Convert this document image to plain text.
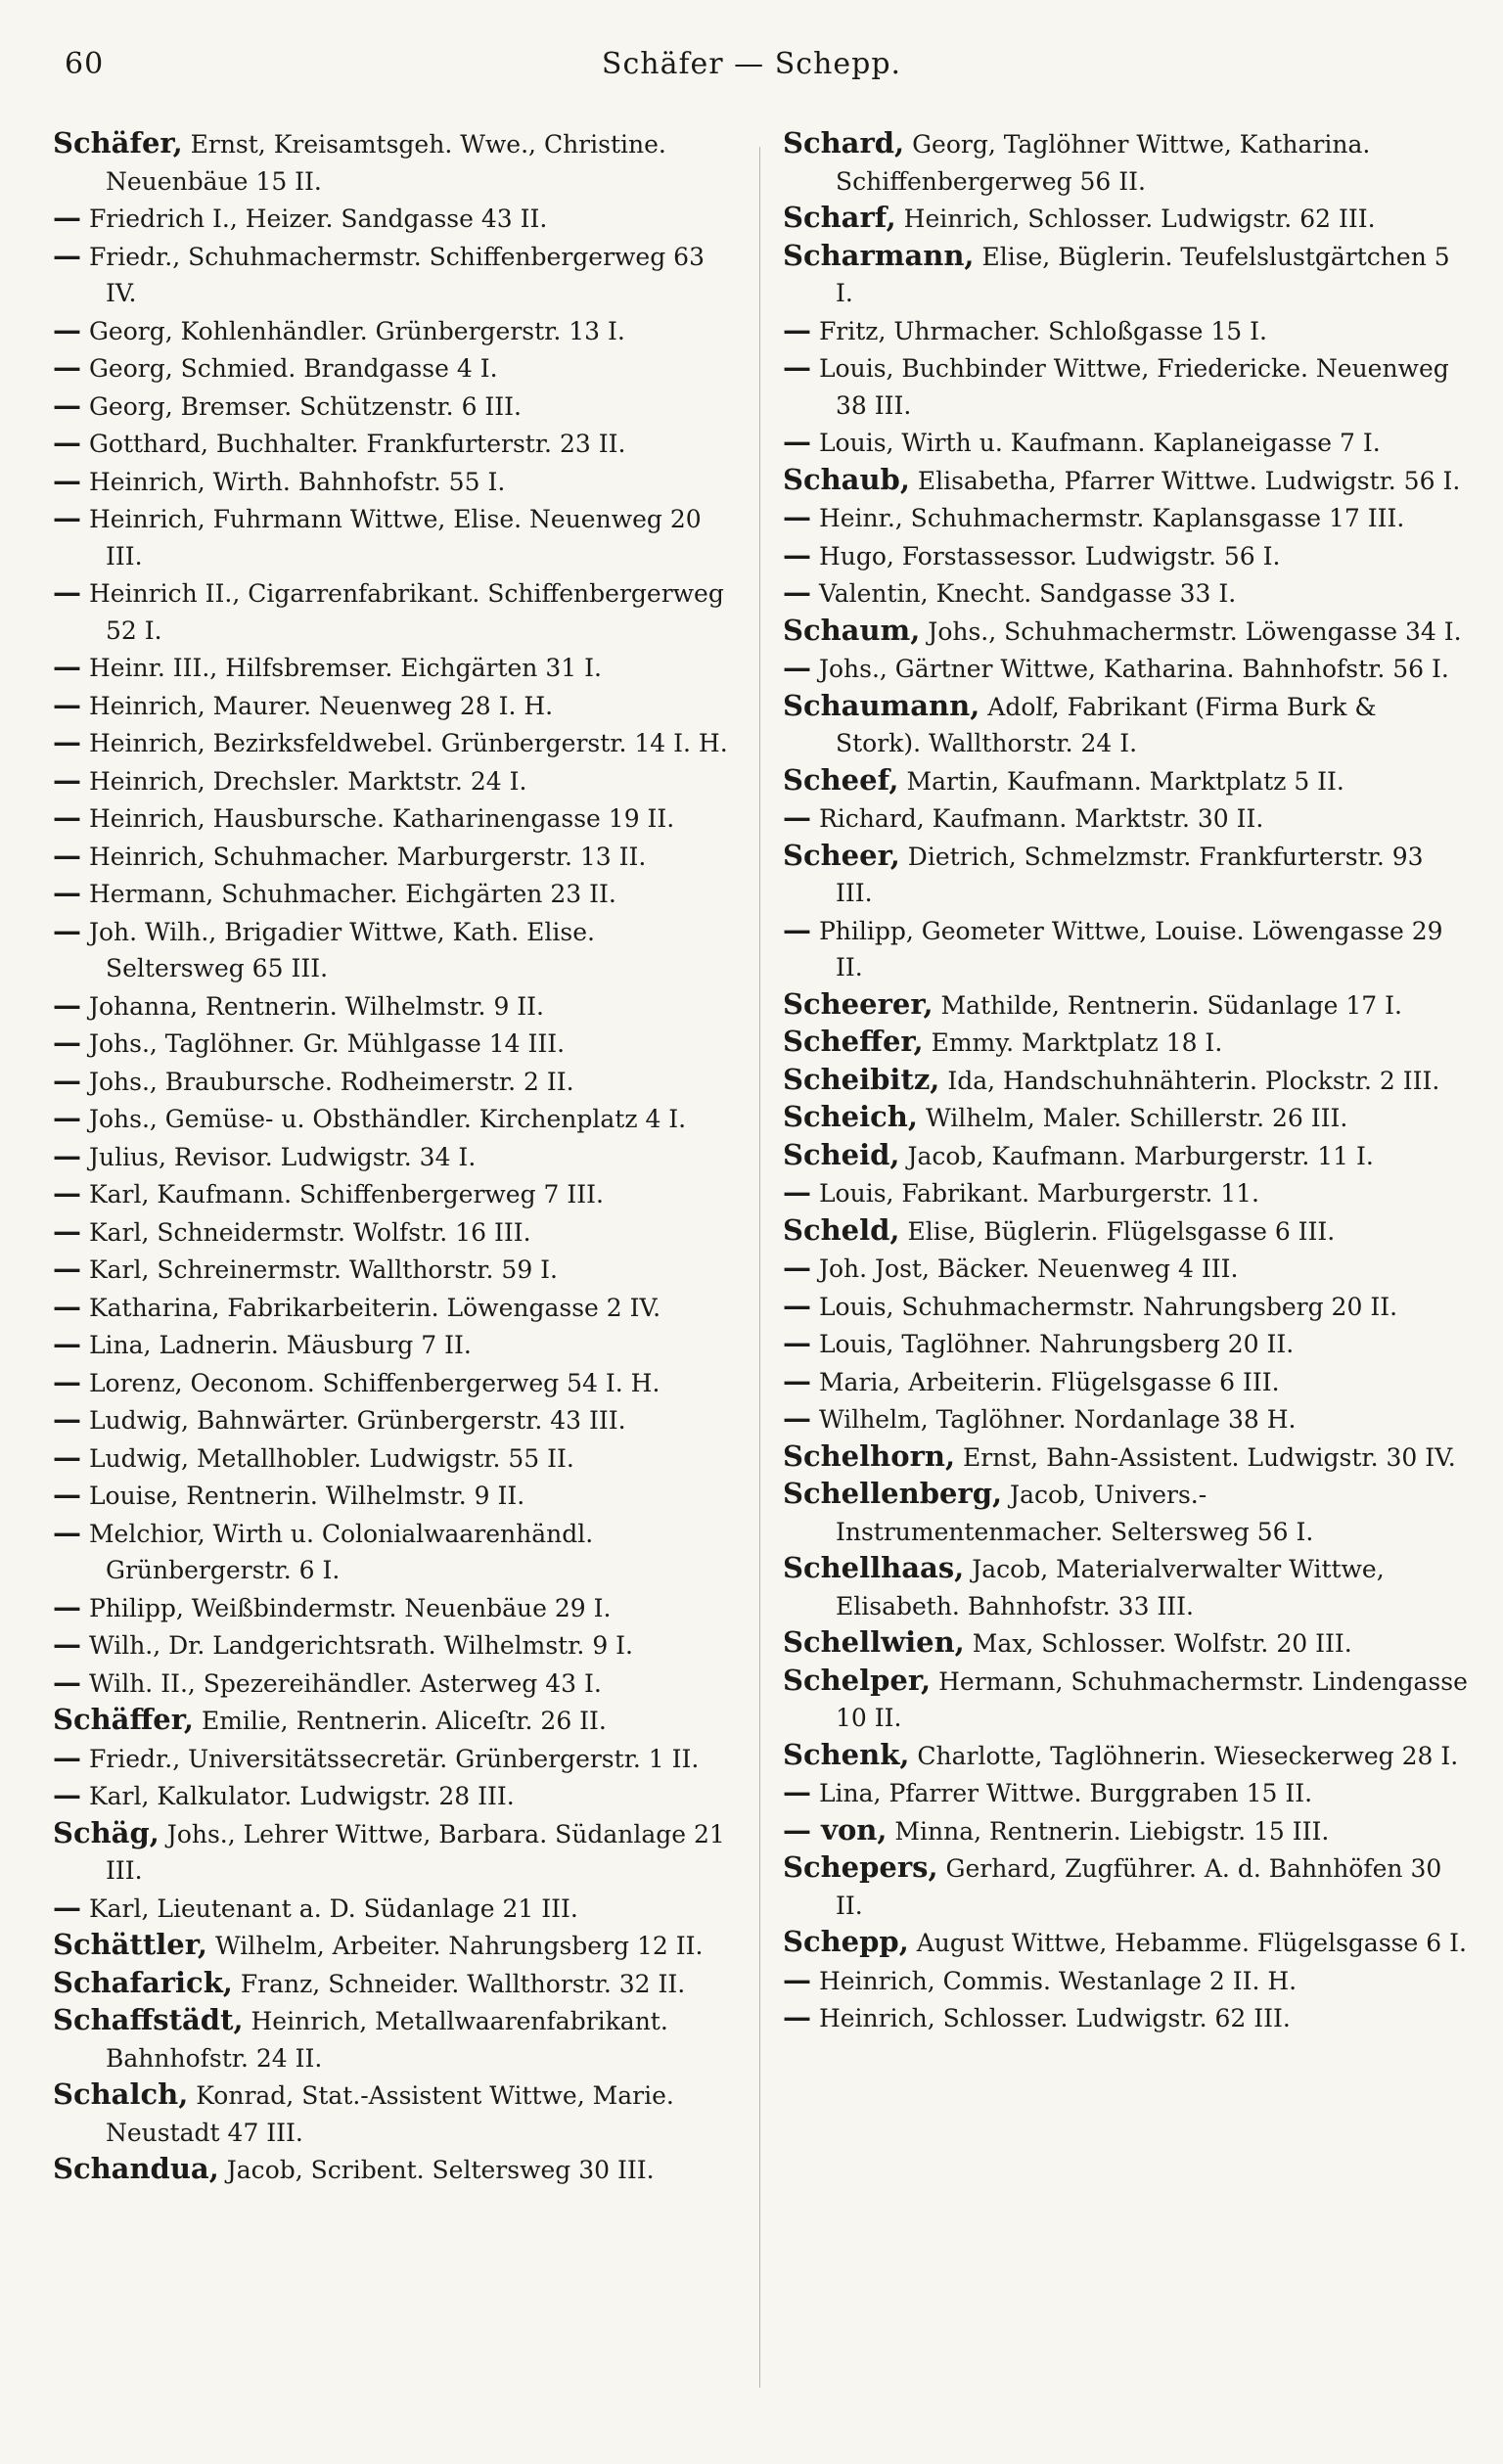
60	Schäfer — Schepp.

Schäfer, Ernst, Kreisamtsgeh. Wwe., Christine. Neuenbäue 15 II.

— Friedrich I., Heizer. Sandgasse 43 II.

— Friedr., Schuhmachermstr. Schiffenbergerweg 63 IV.

— Georg, Kohlenhändler. Grünbergerstr. 13 I.

— Georg, Schmied. Brandgasse 4 I.

— Georg, Bremser. Schützenstr. 6 III.

— Gotthard, Buchhalter. Frankfurterstr. 23 II.

— Heinrich, Wirth. Bahnhofstr. 55 I.

— Heinrich, Fuhrmann Wittwe, Elise. Neuenweg 20 III.

— Heinrich II., Cigarrenfabrikant. Schiffenbergerweg 52 I.

— Heinr. III., Hilfsbremser. Eichgärten 31 I.

— Heinrich, Maurer. Neuenweg 28 I. H.

— Heinrich, Bezirksfeldwebel. Grünbergerstr. 14 I. H.

— Heinrich, Drechsler. Marktstr. 24 I.

— Heinrich, Hausbursche. Katharinengasse 19 II.

— Heinrich, Schuhmacher. Marburgerstr. 13 II.

— Hermann, Schuhmacher. Eichgärten 23 II.

— Joh. Wilh., Brigadier Wittwe, Kath. Elise. Seltersweg 65 III.

— Johanna, Rentnerin. Wilhelmstr. 9 II.

— Johs., Taglöhner. Gr. Mühlgasse 14 III.

— Johs., Braubursche. Rodheimerstr. 2 II.

— Johs., Gemüse- u. Obsthändler. Kirchenplatz 4 I.

— Julius, Revisor. Ludwigstr. 34 I.

— Karl, Kaufmann. Schiffenbergerweg 7 III.

— Karl, Schneidermstr. Wolfstr. 16 III.

— Karl, Schreinermstr. Wallthorstr. 59 I.

— Katharina, Fabrikarbeiterin. Löwengasse 2 IV.

— Lina, Ladnerin. Mäusburg 7 II.

— Lorenz, Oeconom. Schiffenbergerweg 54 I. H.

— Ludwig, Bahnwärter. Grünbergerstr. 43 III.

— Ludwig, Metallhobler. Ludwigstr. 55 II.

— Louise, Rentnerin. Wilhelmstr. 9 II.

— Melchior, Wirth u. Colonialwaarenhändl. Grünbergerstr. 6 I.

— Philipp, Weißbindermstr. Neuenbäue 29 I.

— Wilh., Dr. Landgerichtsrath. Wilhelmstr. 9 I.

— Wilh. II., Spezereihändler. Asterweg 43 I.

Schäffer, Emilie, Rentnerin. Aliceſtr. 26 II.

— Friedr., Universitätssecretär. Grünbergerstr. 1 II.

— Karl, Kalkulator. Ludwigstr. 28 III.

Schäg, Johs., Lehrer Wittwe, Barbara. Südanlage 21 III.

— Karl, Lieutenant a. D. Südanlage 21 III.

Schättler, Wilhelm, Arbeiter. Nahrungsberg 12 II.

Schafarick, Franz, Schneider. Wallthorstr. 32 II.

Schaffstädt, Heinrich, Metallwaarenfabrikant. Bahnhofstr. 24 II.

Schalch, Konrad, Stat.-Assistent Wittwe, Marie. Neustadt 47 III.

Schandua, Jacob, Scribent. Seltersweg 30 III.

Schard, Georg, Taglöhner Wittwe, Katharina. Schiffenbergerweg 56 II.

Scharf, Heinrich, Schlosser. Ludwigstr. 62 III.

Scharmann, Elise, Büglerin. Teufelslustgärtchen 5 I.

— Fritz, Uhrmacher. Schloßgasse 15 I.

— Louis, Buchbinder Wittwe, Friedericke. Neuenweg 38 III.

— Louis, Wirth u. Kaufmann. Kaplaneigasse 7 I.

Schaub, Elisabetha, Pfarrer Wittwe. Ludwigstr. 56 I.

— Heinr., Schuhmachermstr. Kaplansgasse 17 III.

— Hugo, Forstassessor. Ludwigstr. 56 I.

— Valentin, Knecht. Sandgasse 33 I.

Schaum, Johs., Schuhmachermstr. Löwengasse 34 I.

— Johs., Gärtner Wittwe, Katharina. Bahnhofstr. 56 I.

Schaumann, Adolf, Fabrikant (Firma Burk & Stork). Wallthorstr. 24 I.

Scheef, Martin, Kaufmann. Marktplatz 5 II.

— Richard, Kaufmann. Marktstr. 30 II.

Scheer, Dietrich, Schmelzmstr. Frankfurterstr. 93 III.

— Philipp, Geometer Wittwe, Louise. Löwengasse 29 II.

Scheerer, Mathilde, Rentnerin. Südanlage 17 I.

Scheffer, Emmy. Marktplatz 18 I.

Scheibitz, Ida, Handschuhnähterin. Plockstr. 2 III.

Scheich, Wilhelm, Maler. Schillerstr. 26 III.

Scheid, Jacob, Kaufmann. Marburgerstr. 11 I.

— Louis, Fabrikant. Marburgerstr. 11.

Scheld, Elise, Büglerin. Flügelsgasse 6 III.

— Joh. Jost, Bäcker. Neuenweg 4 III.

— Louis, Schuhmachermstr. Nahrungsberg 20 II.

— Louis, Taglöhner. Nahrungsberg 20 II.

— Maria, Arbeiterin. Flügelsgasse 6 III.

— Wilhelm, Taglöhner. Nordanlage 38 H.

Schelhorn, Ernst, Bahn-Assistent. Ludwigstr. 30 IV.

Schellenberg, Jacob, Univers.-Instrumentenmacher. Seltersweg 56 I.

Schellhaas, Jacob, Materialverwalter Wittwe, Elisabeth. Bahnhofstr. 33 III.

Schellwien, Max, Schlosser. Wolfstr. 20 III.

Schelper, Hermann, Schuhmachermstr. Lindengasse 10 II.

Schenk, Charlotte, Taglöhnerin. Wieseckerweg 28 I.

— Lina, Pfarrer Wittwe. Burggraben 15 II.

— von, Minna, Rentnerin. Liebigstr. 15 III.

Schepers, Gerhard, Zugführer. A. d. Bahnhöfen 30 II.

Schepp, August Wittwe, Hebamme. Flügelsgasse 6 I.

— Heinrich, Commis. Westanlage 2 II. H.

— Heinrich, Schlosser. Ludwigstr. 62 III.
